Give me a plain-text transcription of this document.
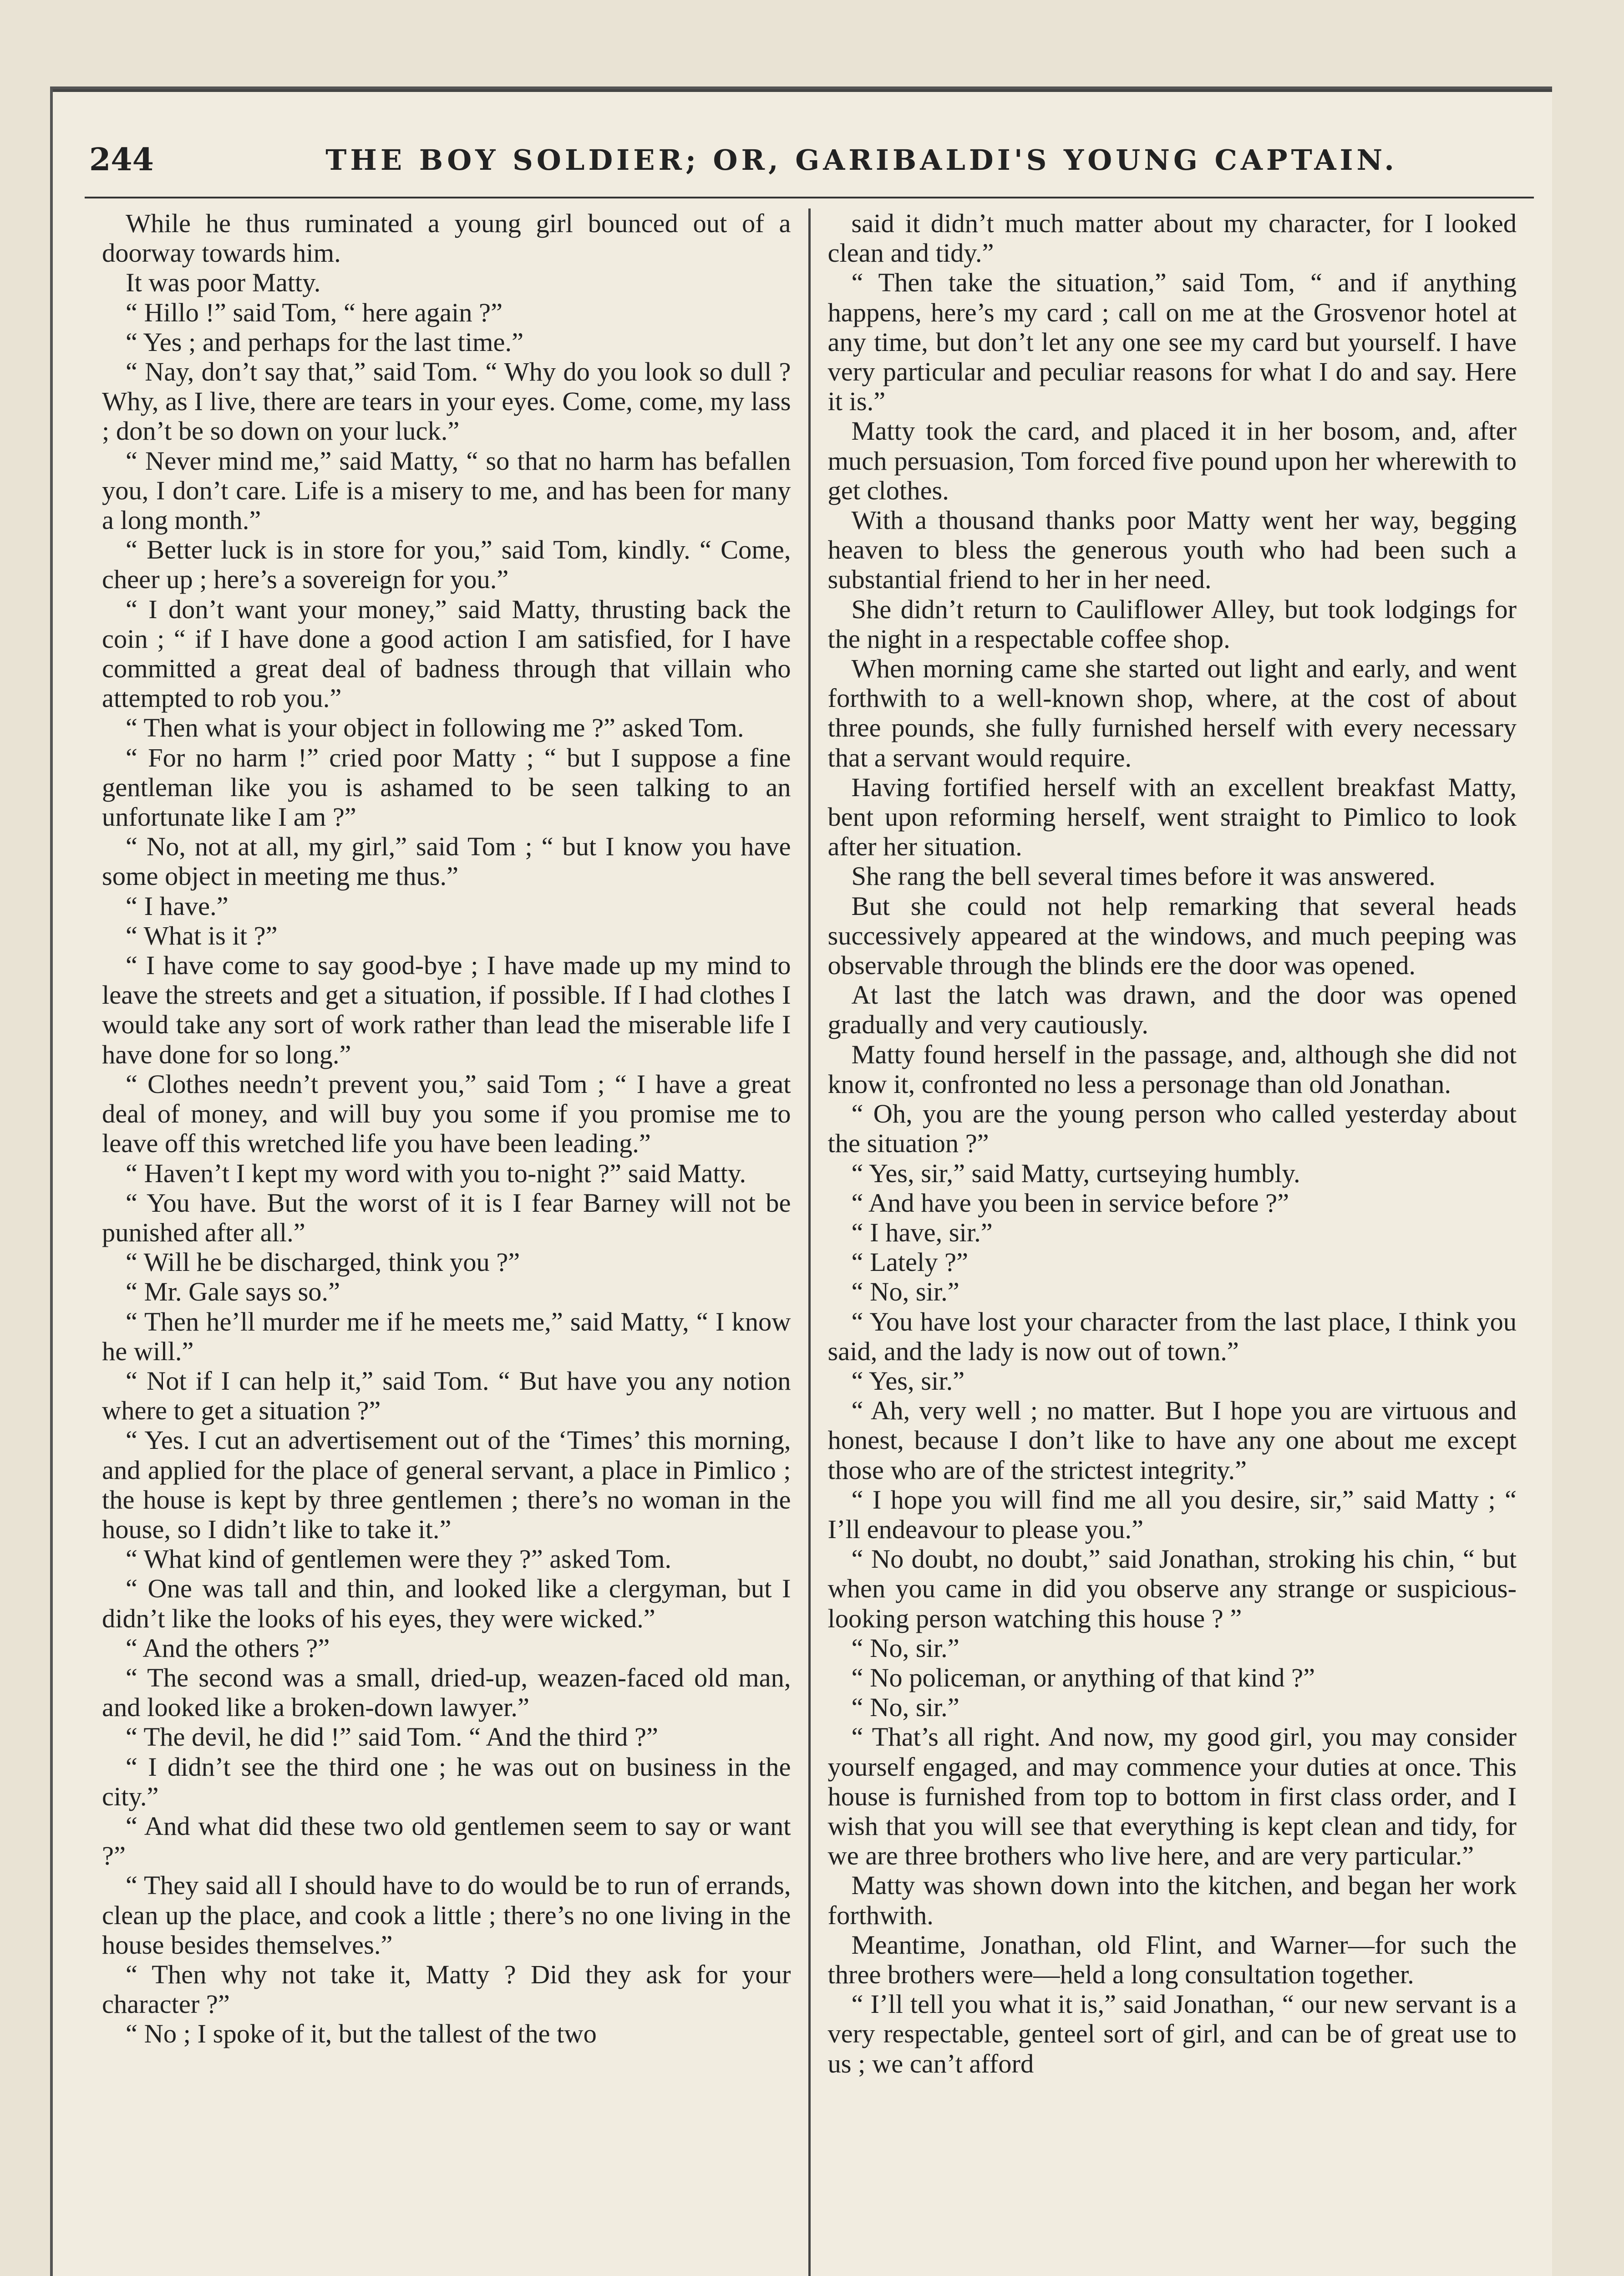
244	THE BOY SOLDIER; OR, GARIBALDI'S YOUNG CAPTAIN.

While he thus ruminated a young girl bounced out of a doorway towards him.

It was poor Matty.

“ Hillo !” said Tom, “ here again ?”

“ Yes ; and perhaps for the last time.”

“ Nay, don’t say that,” said Tom. “ Why do you look so dull ? Why, as I live, there are tears in your eyes. Come, come, my lass ; don’t be so down on your luck.”

“ Never mind me,” said Matty, “ so that no harm has befallen you, I don’t care. Life is a misery to me, and has been for many a long month.”

“ Better luck is in store for you,” said Tom, kindly. “ Come, cheer up ; here’s a sovereign for you.”

“ I don’t want your money,” said Matty, thrusting back the coin ; “ if I have done a good action I am satisfied, for I have committed a great deal of badness through that villain who attempted to rob you.”

“ Then what is your object in following me ?” asked Tom.

“ For no harm !” cried poor Matty ; “ but I suppose a fine gentleman like you is ashamed to be seen talking to an unfortunate like I am ?”

“ No, not at all, my girl,” said Tom ; “ but I know you have some object in meeting me thus.”

“ I have.”

“ What is it ?”

“ I have come to say good-bye ; I have made up my mind to leave the streets and get a situation, if possible. If I had clothes I would take any sort of work rather than lead the miserable life I have done for so long.”

“ Clothes needn’t prevent you,” said Tom ; “ I have a great deal of money, and will buy you some if you promise me to leave off this wretched life you have been leading.”

“ Haven’t I kept my word with you to-night ?” said Matty.

“ You have. But the worst of it is I fear Barney will not be punished after all.”

“ Will he be discharged, think you ?”

“ Mr. Gale says so.”

“ Then he’ll murder me if he meets me,” said Matty, “ I know he will.”

“ Not if I can help it,” said Tom. “ But have you any notion where to get a situation ?”

“ Yes. I cut an advertisement out of the ‘Times’ this morning, and applied for the place of general servant, a place in Pimlico ; the house is kept by three gentlemen ; there’s no woman in the house, so I didn’t like to take it.”

“ What kind of gentlemen were they ?” asked Tom.

“ One was tall and thin, and looked like a clergyman, but I didn’t like the looks of his eyes, they were wicked.”

“ And the others ?”

“ The second was a small, dried-up, weazen-faced old man, and looked like a broken-down lawyer.”

“ The devil, he did !” said Tom. “ And the third ?”

“ I didn’t see the third one ; he was out on business in the city.”

“ And what did these two old gentlemen seem to say or want ?”

“ They said all I should have to do would be to run of errands, clean up the place, and cook a little ; there’s no one living in the house besides themselves.”

“ Then why not take it, Matty ? Did they ask for your character ?”

“ No ; I spoke of it, but the tallest of the two

said it didn’t much matter about my character, for I looked clean and tidy.”

“ Then take the situation,” said Tom, “ and if anything happens, here’s my card ; call on me at the Grosvenor hotel at any time, but don’t let any one see my card but yourself. I have very particular and peculiar reasons for what I do and say. Here it is.”

Matty took the card, and placed it in her bosom, and, after much persuasion, Tom forced five pound upon her wherewith to get clothes.

With a thousand thanks poor Matty went her way, begging heaven to bless the generous youth who had been such a substantial friend to her in her need.

She didn’t return to Cauliflower Alley, but took lodgings for the night in a respectable coffee shop.

When morning came she started out light and early, and went forthwith to a well-known shop, where, at the cost of about three pounds, she fully furnished herself with every necessary that a servant would require.

Having fortified herself with an excellent breakfast Matty, bent upon reforming herself, went straight to Pimlico to look after her situation.

She rang the bell several times before it was answered.

But she could not help remarking that several heads successively appeared at the windows, and much peeping was observable through the blinds ere the door was opened.

At last the latch was drawn, and the door was opened gradually and very cautiously.

Matty found herself in the passage, and, although she did not know it, confronted no less a personage than old Jonathan.

“ Oh, you are the young person who called yesterday about the situation ?”

“ Yes, sir,” said Matty, curtseying humbly.

“ And have you been in service before ?”

“ I have, sir.”

“ Lately ?”

“ No, sir.”

“ You have lost your character from the last place, I think you said, and the lady is now out of town.”

“ Yes, sir.”

“ Ah, very well ; no matter. But I hope you are virtuous and honest, because I don’t like to have any one about me except those who are of the strictest integrity.”

“ I hope you will find me all you desire, sir,” said Matty ; “ I’ll endeavour to please you.”

“ No doubt, no doubt,” said Jonathan, stroking his chin, “ but when you came in did you observe any strange or suspicious-looking person watching this house ? ”

“ No, sir.”

“ No policeman, or anything of that kind ?”

“ No, sir.”

“ That’s all right. And now, my good girl, you may consider yourself engaged, and may commence your duties at once. This house is furnished from top to bottom in first class order, and I wish that you will see that everything is kept clean and tidy, for we are three brothers who live here, and are very particular.”

Matty was shown down into the kitchen, and began her work forthwith.

Meantime, Jonathan, old Flint, and Warner—for such the three brothers were—held a long consultation together.

“ I’ll tell you what it is,” said Jonathan, “ our new servant is a very respectable, genteel sort of girl, and can be of great use to us ; we can’t afford
